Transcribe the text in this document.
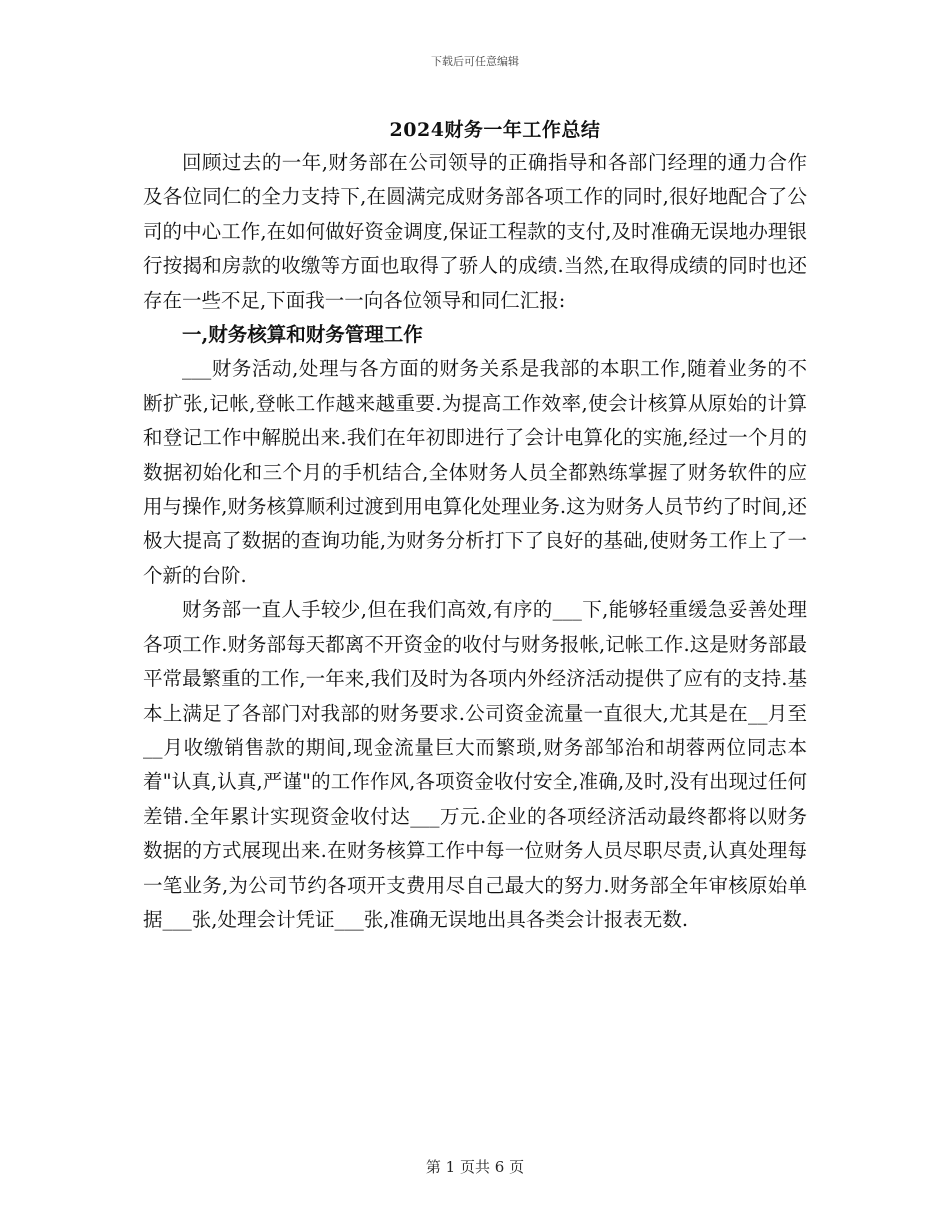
下载后可任意编辑
2024财务一年工作总结

回顾过去的一年,财务部在公司领导的正确指导和各部门经理的通力合作及各位同仁的全力支持下,在圆满完成财务部各项工作的同时,很好地配合了公司的中心工作,在如何做好资金调度,保证工程款的支付,及时准确无误地办理银行按揭和房款的收缴等方面也取得了骄人的成绩.当然,在取得成绩的同时也还存在一些不足,下面我一一向各位领导和同仁汇报:

一,财务核算和财务管理工作

___财务活动,处理与各方面的财务关系是我部的本职工作,随着业务的不断扩张,记帐,登帐工作越来越重要.为提高工作效率,使会计核算从原始的计算和登记工作中解脱出来.我们在年初即进行了会计电算化的实施,经过一个月的数据初始化和三个月的手机结合,全体财务人员全都熟练掌握了财务软件的应用与操作,财务核算顺利过渡到用电算化处理业务.这为财务人员节约了时间,还极大提高了数据的查询功能,为财务分析打下了良好的基础,使财务工作上了一个新的台阶.

财务部一直人手较少,但在我们高效,有序的___下,能够轻重缓急妥善处理各项工作.财务部每天都离不开资金的收付与财务报帐,记帐工作.这是财务部最平常最繁重的工作,一年来,我们及时为各项内外经济活动提供了应有的支持.基本上满足了各部门对我部的财务要求.公司资金流量一直很大,尤其是在__月至__月收缴销售款的期间,现金流量巨大而繁琐,财务部邹治和胡蓉两位同志本着"认真,认真,严谨"的工作作风,各项资金收付安全,准确,及时,没有出现过任何差错.全年累计实现资金收付达___万元.企业的各项经济活动最终都将以财务数据的方式展现出来.在财务核算工作中每一位财务人员尽职尽责,认真处理每一笔业务,为公司节约各项开支费用尽自己最大的努力.财务部全年审核原始单据___张,处理会计凭证___张,准确无误地出具各类会计报表无数.

第 1 页共 6 页
